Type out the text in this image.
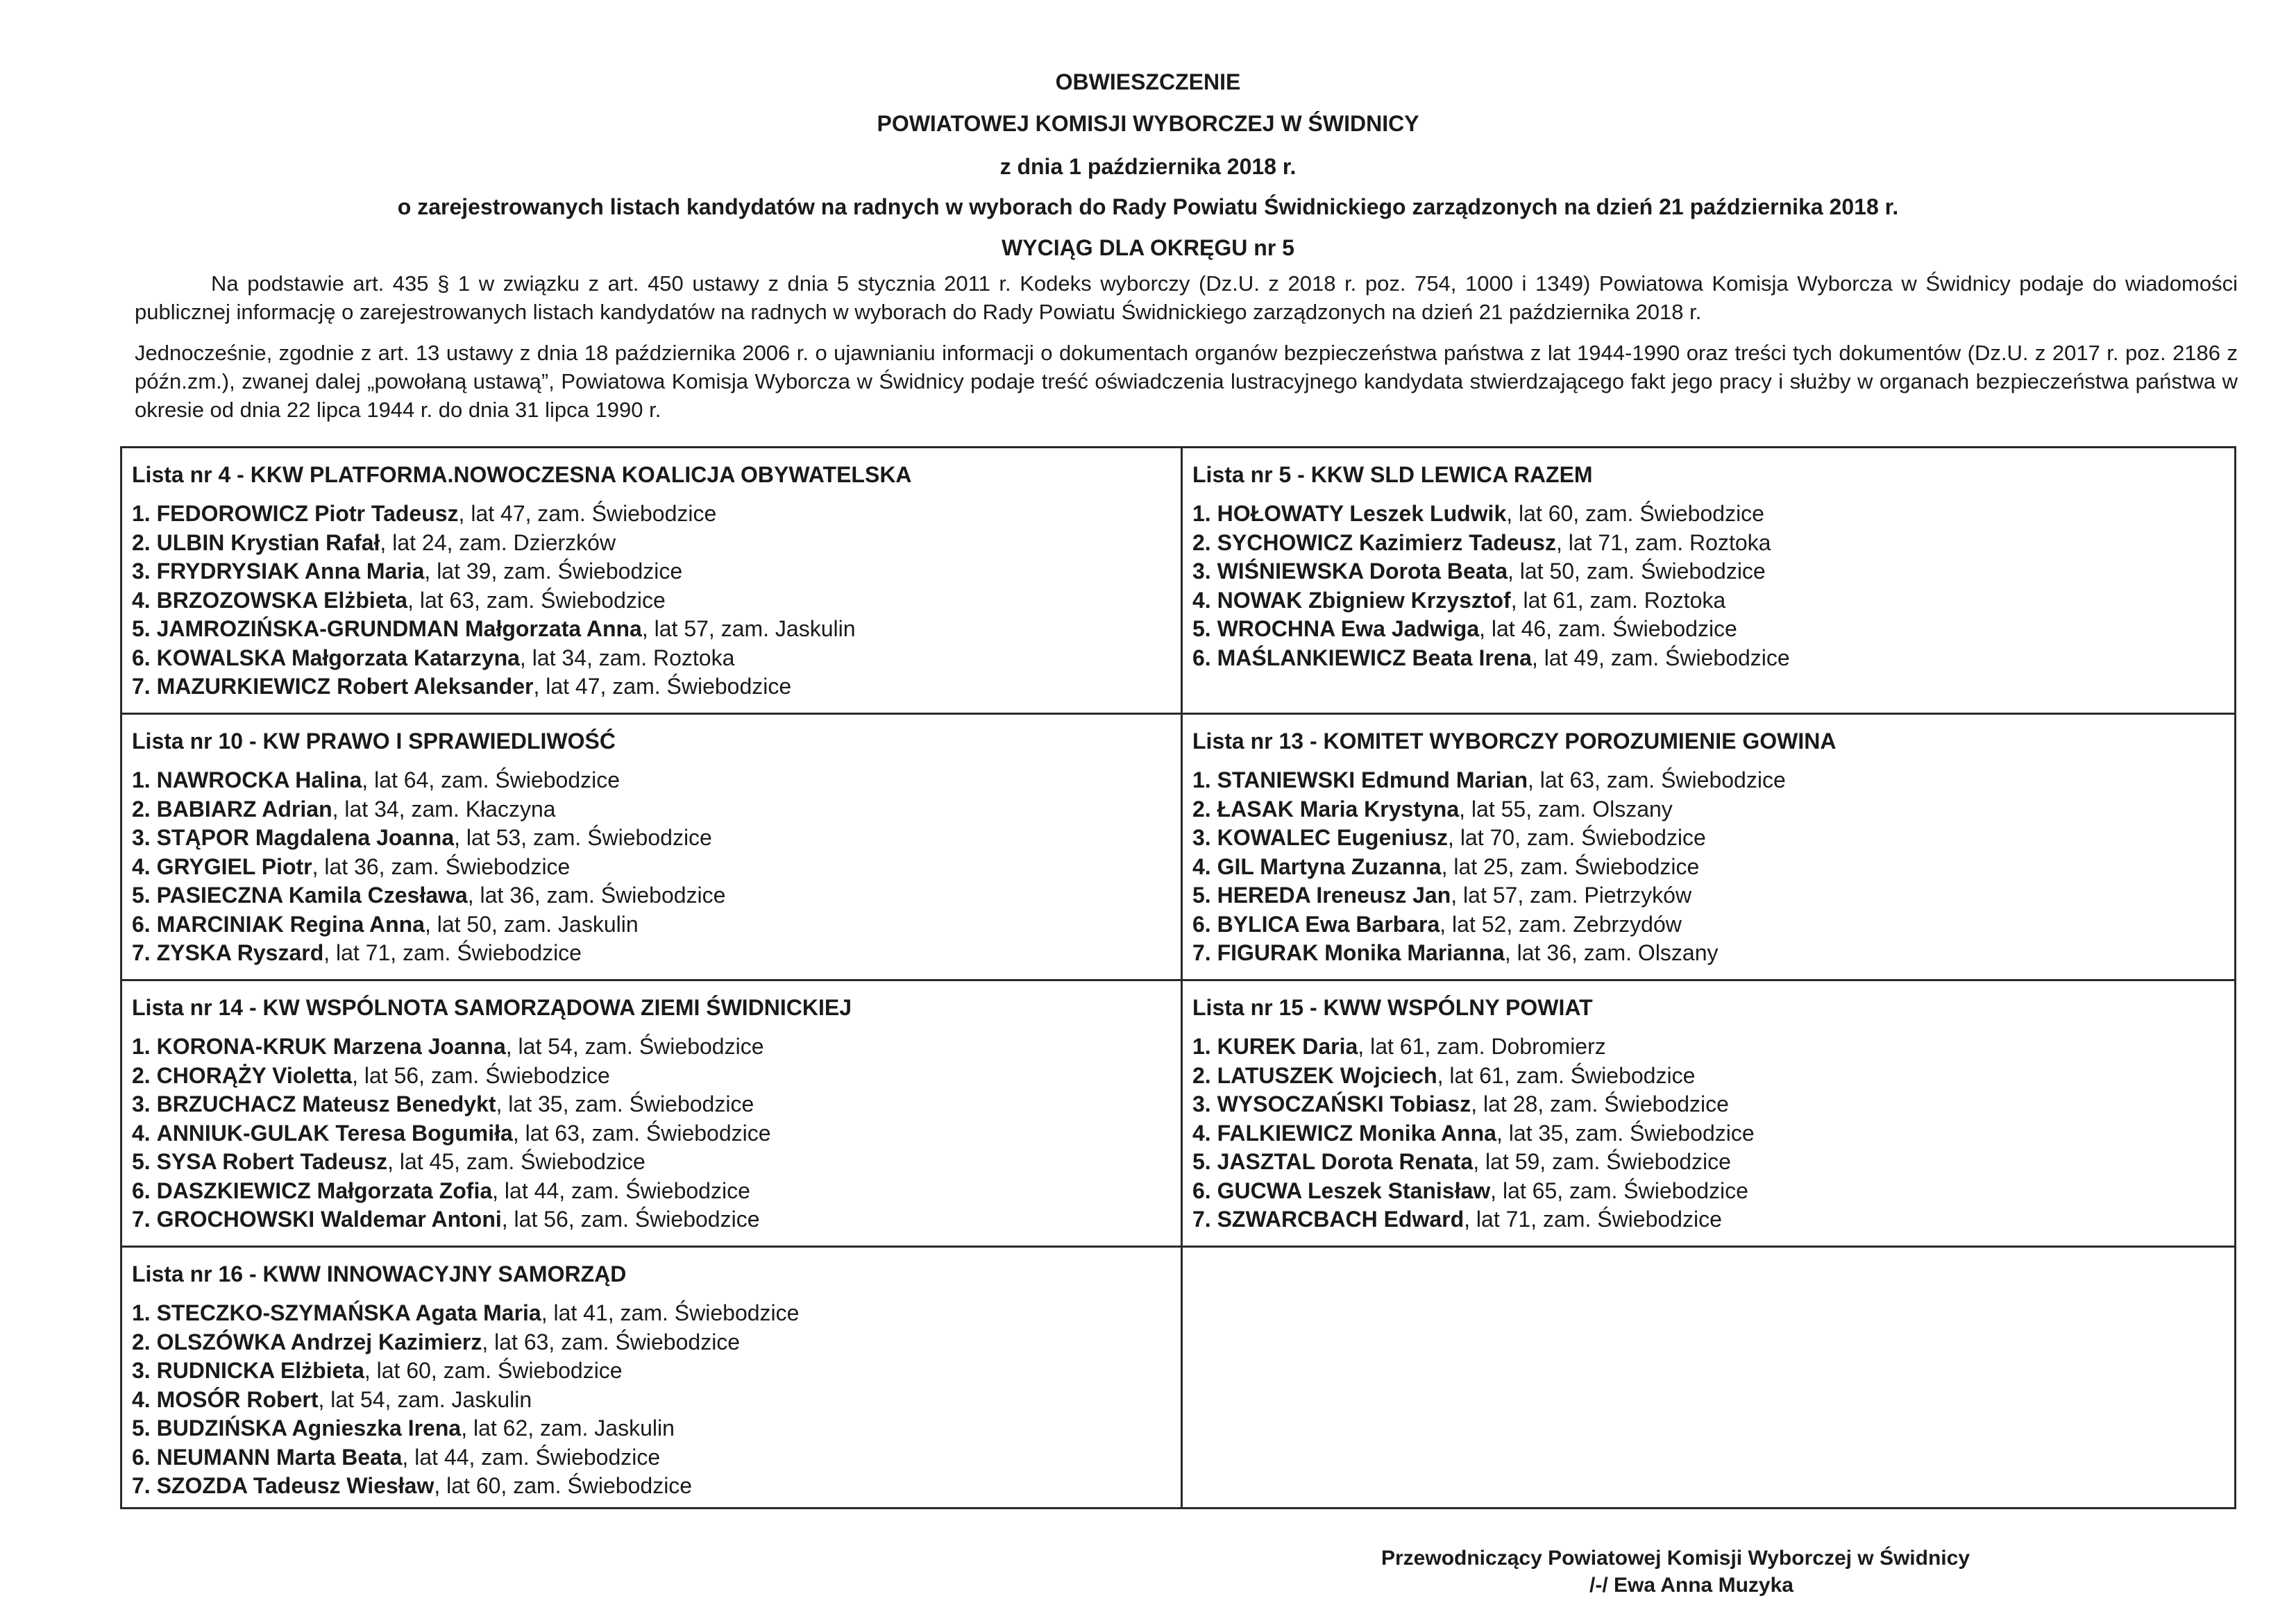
OBWIESZCZENIE
POWIATOWEJ KOMISJI WYBORCZEJ W ŚWIDNICY
z dnia 1 października 2018 r.
o zarejestrowanych listach kandydatów na radnych w wyborach do Rady Powiatu Świdnickiego zarządzonych na dzień 21 października 2018 r.
WYCIĄG DLA OKRĘGU nr 5

Na podstawie art. 435 § 1 w związku z art. 450 ustawy z dnia 5 stycznia 2011 r. Kodeks wyborczy (Dz.U. z 2018 r. poz. 754, 1000 i 1349) Powiatowa Komisja Wyborcza w Świdnicy podaje do wiadomości publicznej informację o zarejestrowanych listach kandydatów na radnych w wyborach do Rady Powiatu Świdnickiego zarządzonych na dzień 21 października 2018 r.

Jednocześnie, zgodnie z art. 13 ustawy z dnia 18 października 2006 r. o ujawnianiu informacji o dokumentach organów bezpieczeństwa państwa z lat 1944-1990 oraz treści tych dokumentów (Dz.U. z 2017 r. poz. 2186 z późn.zm.), zwanej dalej „powołaną ustawą”, Powiatowa Komisja Wyborcza w Świdnicy podaje treść oświadczenia lustracyjnego kandydata stwierdzającego fakt jego pracy i służby w organach bezpieczeństwa państwa w okresie od dnia 22 lipca 1944 r. do dnia 31 lipca 1990 r.

Lista nr 4 - KKW PLATFORMA.NOWOCZESNA KOALICJA OBYWATELSKA
1. FEDOROWICZ Piotr Tadeusz, lat 47, zam. Świebodzice
2. ULBIN Krystian Rafał, lat 24, zam. Dzierzków
3. FRYDRYSIAK Anna Maria, lat 39, zam. Świebodzice
4. BRZOZOWSKA Elżbieta, lat 63, zam. Świebodzice
5. JAMROZIŃSKA-GRUNDMAN Małgorzata Anna, lat 57, zam. Jaskulin
6. KOWALSKA Małgorzata Katarzyna, lat 34, zam. Roztoka
7. MAZURKIEWICZ Robert Aleksander, lat 47, zam. Świebodzice
Lista nr 5 - KKW SLD LEWICA RAZEM
1. HOŁOWATY Leszek Ludwik, lat 60, zam. Świebodzice
2. SYCHOWICZ Kazimierz Tadeusz, lat 71, zam. Roztoka
3. WIŚNIEWSKA Dorota Beata, lat 50, zam. Świebodzice
4. NOWAK Zbigniew Krzysztof, lat 61, zam. Roztoka
5. WROCHNA Ewa Jadwiga, lat 46, zam. Świebodzice
6. MAŚLANKIEWICZ Beata Irena, lat 49, zam. Świebodzice
Lista nr 10 - KW PRAWO I SPRAWIEDLIWOŚĆ
1. NAWROCKA Halina, lat 64, zam. Świebodzice
2. BABIARZ Adrian, lat 34, zam. Kłaczyna
3. STĄPOR Magdalena Joanna, lat 53, zam. Świebodzice
4. GRYGIEL Piotr, lat 36, zam. Świebodzice
5. PASIECZNA Kamila Czesława, lat 36, zam. Świebodzice
6. MARCINIAK Regina Anna, lat 50, zam. Jaskulin
7. ZYSKA Ryszard, lat 71, zam. Świebodzice
Lista nr 13 - KOMITET WYBORCZY POROZUMIENIE GOWINA
1. STANIEWSKI Edmund Marian, lat 63, zam. Świebodzice
2. ŁASAK Maria Krystyna, lat 55, zam. Olszany
3. KOWALEC Eugeniusz, lat 70, zam. Świebodzice
4. GIL Martyna Zuzanna, lat 25, zam. Świebodzice
5. HEREDA Ireneusz Jan, lat 57, zam. Pietrzyków
6. BYLICA Ewa Barbara, lat 52, zam. Zebrzydów
7. FIGURAK Monika Marianna, lat 36, zam. Olszany
Lista nr 14 - KW WSPÓLNOTA SAMORZĄDOWA ZIEMI ŚWIDNICKIEJ
1. KORONA-KRUK Marzena Joanna, lat 54, zam. Świebodzice
2. CHORĄŻY Violetta, lat 56, zam. Świebodzice
3. BRZUCHACZ Mateusz Benedykt, lat 35, zam. Świebodzice
4. ANNIUK-GULAK Teresa Bogumiła, lat 63, zam. Świebodzice
5. SYSA Robert Tadeusz, lat 45, zam. Świebodzice
6. DASZKIEWICZ Małgorzata Zofia, lat 44, zam. Świebodzice
7. GROCHOWSKI Waldemar Antoni, lat 56, zam. Świebodzice
Lista nr 15 - KWW WSPÓLNY POWIAT
1. KUREK Daria, lat 61, zam. Dobromierz
2. LATUSZEK Wojciech, lat 61, zam. Świebodzice
3. WYSOCZAŃSKI Tobiasz, lat 28, zam. Świebodzice
4. FALKIEWICZ Monika Anna, lat 35, zam. Świebodzice
5. JASZTAL Dorota Renata, lat 59, zam. Świebodzice
6. GUCWA Leszek Stanisław, lat 65, zam. Świebodzice
7. SZWARCBACH Edward, lat 71, zam. Świebodzice
Lista nr 16 - KWW INNOWACYJNY SAMORZĄD
1. STECZKO-SZYMAŃSKA Agata Maria, lat 41, zam. Świebodzice
2. OLSZÓWKA Andrzej Kazimierz, lat 63, zam. Świebodzice
3. RUDNICKA Elżbieta, lat 60, zam. Świebodzice
4. MOSÓR Robert, lat 54, zam. Jaskulin
5. BUDZIŃSKA Agnieszka Irena, lat 62, zam. Jaskulin
6. NEUMANN Marta Beata, lat 44, zam. Świebodzice
7. SZOZDA Tadeusz Wiesław, lat 60, zam. Świebodzice
Przewodniczący Powiatowej Komisji Wyborczej w Świdnicy
/-/ Ewa Anna Muzyka
